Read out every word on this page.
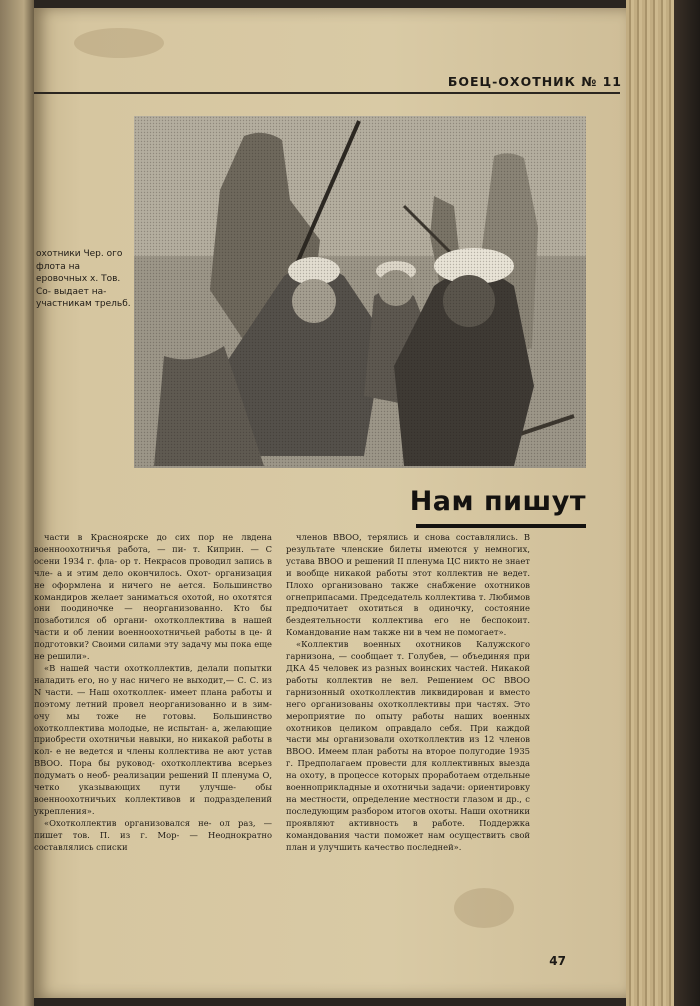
БОЕЦ-ОХОТНИК № 11
охотники Чер. ого флота на еровочных х. Тов. Со- выдает на- участникам трельб.
Нам пишут

части в Красноярске до сих пор не лвдена военноохотничья работа, — пи- т. Киприн. — С осени 1934 г. фла- ор т. Некрасов проводил запись в чле- а и этим дело окончилось. Охот- организация не оформлена и ничего не ается. Большинство командиров желает заниматься охотой, но охотятся они поодиночке — неорганизованно. Кто бы позаботился об органи- охотколлектива в нашей части и об лении военноохотничьей работы в це- й подготовки? Своими силами эту задачу мы пока еще не решили».

«В нашей части охотколлектив, делали попытки наладить его, но у нас ничего не выходит,— С. С. из N части. — Наш охотколлек- имеет плана работы и поэтому летний провел неорганизованно и в зим- очу мы тоже не готовы. Большинство охотколлектива молодые, не испытан- а, желающие приобрести охотничьи навыки, но никакой работы в кол- е не ведется и члены коллектива не ают устав ВВОО. Пора бы руковод- охотколлектива всерьез подумать о необ- реализации решений II пленума О, четко указывающих пути улучше- обы военноохотничьих коллективов и подразделений укрепления».

«Охотколлектив организовался не- ол раз, — пишет тов. П. из г. Мор- — Неоднократно составлялись списки

членов ВВОО, терялись и снова составлялись. В результате членские билеты имеются у немногих, устава ВВОО и решений II пленума ЦС никто не знает и вообще никакой работы этот коллектив не ведет. Плохо организовано также снабжение охотников огнеприпасами. Председатель коллектива т. Любимов предпочитает охотиться в одиночку, состояние бездеятельности коллектива его не беспокоит. Командование нам также ни в чем не помогает».

«Коллектив военных охотников Калужского гарнизона, — сообщает т. Голубев, — объединяя при ДКА 45 человек из разных воинских частей. Никакой работы коллектив не вел. Решением ОС ВВОО гарнизонный охотколлектив ликвидирован и вместо него организованы охотколлективы при частях. Это мероприятие по опыту работы наших военных охотников целиком оправдало себя. При каждой части мы организовали охотколлектив из 12 членов ВВОО. Имеем план работы на второе полугодие 1935 г. Предполагаем провести для коллективных выезда на охоту, в процессе которых проработаем отдельные военноприкладные и охотничьи задачи: ориентировку на местности, определение местности глазом и др., с последующим разбором итогов охоты. Наши охотники проявляют активность в работе. Поддержка командования части поможет нам осуществить свой план и улучшить качество последней».

47
